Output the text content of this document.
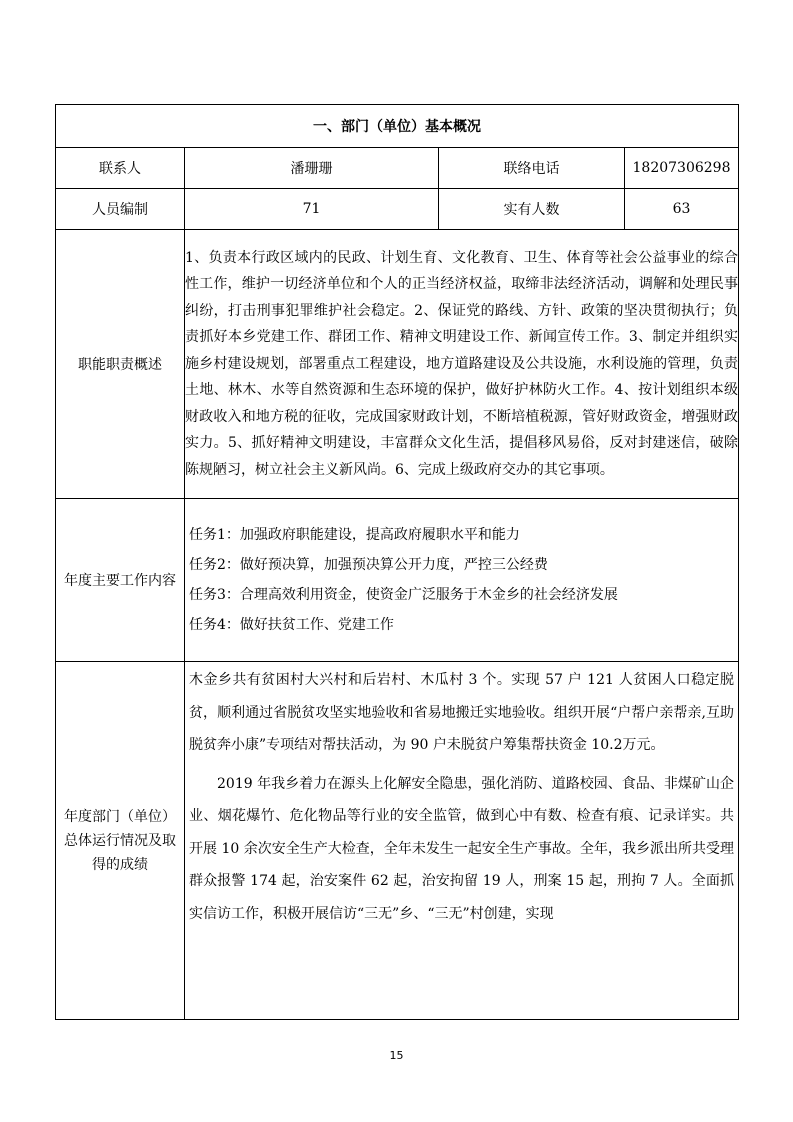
一、部门（单位）基本概况			
联系人	潘珊珊	联络电话	18207306298
人员编制	71	实有人数	63
职能职责概述	1、负责本行政区域内的民政、计划生育、文化教育、卫生、体育等社会公益事业的综合性工作，维护一切经济单位和个人的正当经济权益，取缔非法经济活动，调解和处理民事纠纷，打击刑事犯罪维护社会稳定。2、保证党的路线、方针、政策的坚决贯彻执行；负责抓好本乡党建工作、群团工作、精神文明建设工作、新闻宣传工作。3、制定并组织实施乡村建设规划，部署重点工程建设，地方道路建设及公共设施，水利设施的管理，负责土地、林木、水等自然资源和生态环境的保护，做好护林防火工作。4、按计划组织本级财政收入和地方税的征收，完成国家财政计划，不断培植税源，管好财政资金，增强财政实力。5、抓好精神文明建设，丰富群众文化生活，提倡移风易俗，反对封建迷信，破除陈规陋习，树立社会主义新风尚。6、完成上级政府交办的其它事项。		
年度主要工作内容	任务1：加强政府职能建设，提高政府履职水平和能力
任务2：做好预决算，加强预决算公开力度，严控三公经费
任务3：合理高效利用资金，使资金广泛服务于木金乡的社会经济发展
任务4：做好扶贫工作、党建工作		

年度部门（单位）总体运行情况及取得的成绩	木金乡共有贫困村大兴村和后岩村、木瓜村 3 个。实现 57 户 121 人贫困人口稳定脱贫，顺利通过省脱贫攻坚实地验收和省易地搬迁实地验收。组织开展“户帮户亲帮亲,互助脱贫奔小康”专项结对帮扶活动，为 90 户未脱贫户筹集帮扶资金 10.2万元。

2019 年我乡着力在源头上化解安全隐患，强化消防、道路校园、食品、非煤矿山企业、烟花爆竹、危化物品等行业的安全监管，做到心中有数、检查有痕、记录详实。共开展 10 余次安全生产大检查，全年未发生一起安全生产事故。全年，我乡派出所共受理群众报警 174 起，治安案件 62 起，治安拘留 19 人，刑案 15 起，刑拘 7 人。全面抓实信访工作，积极开展信访“三无”乡、“三无”村创建，实现		

15
